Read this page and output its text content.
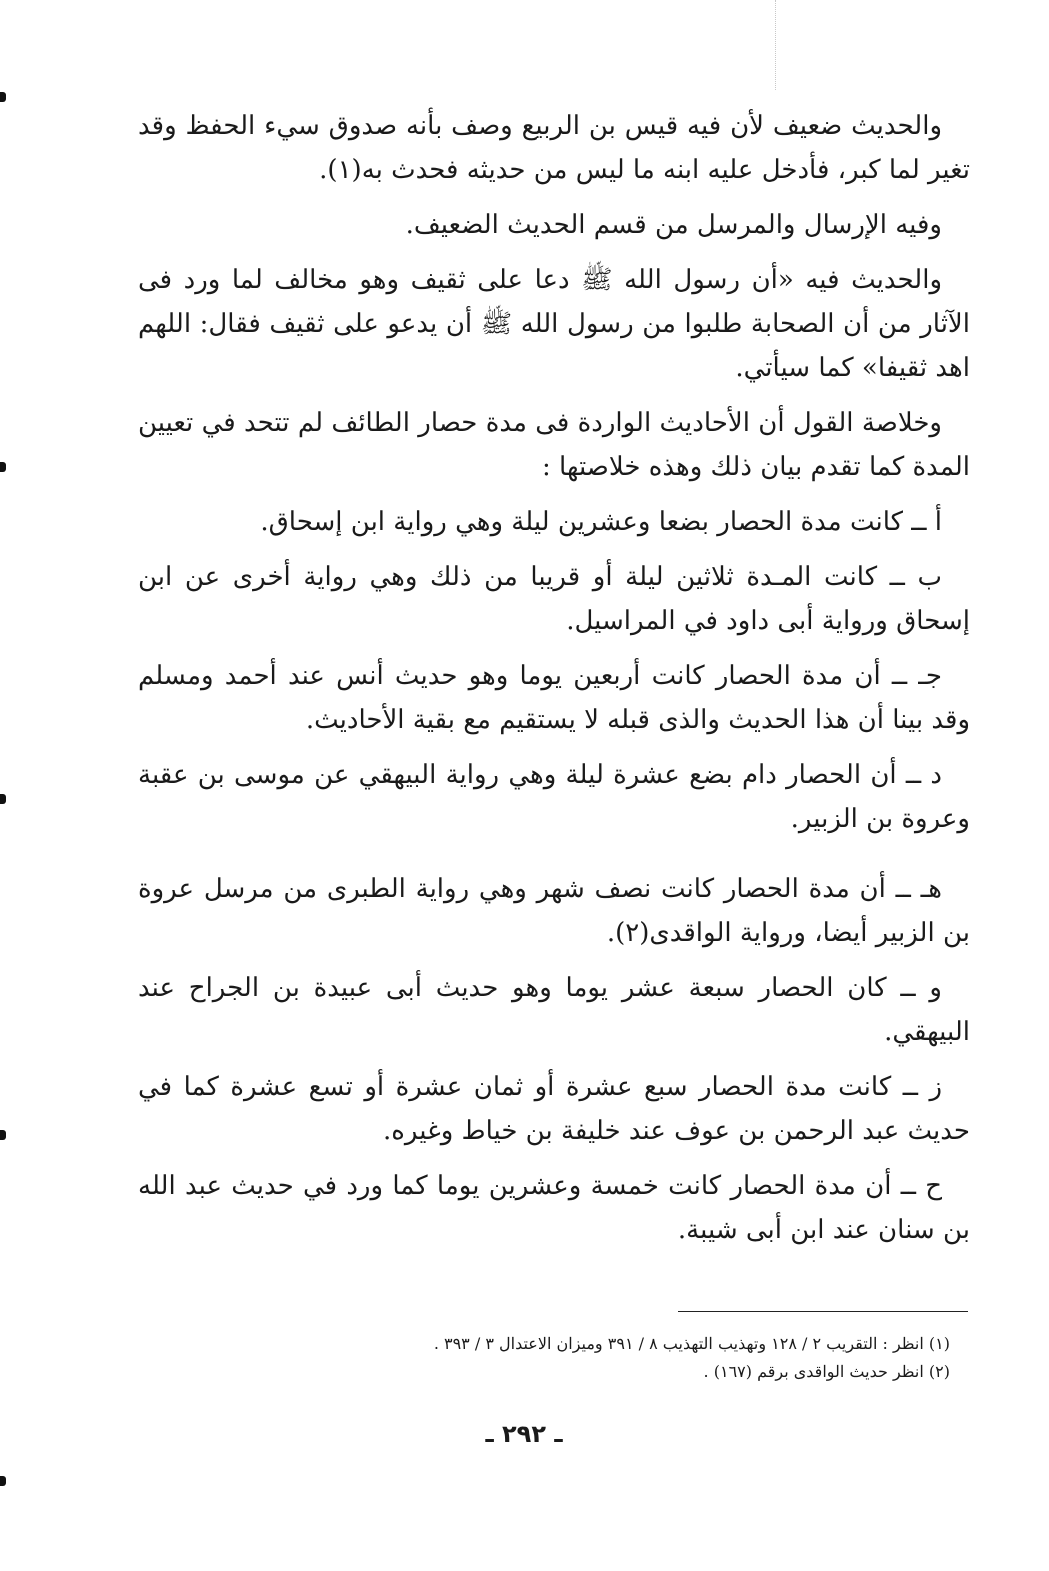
والحديث ضعيف لأن فيه قيس بن الربيع وصف بأنه صدوق سيء الحفظ وقد تغير لما كبر، فأدخل عليه ابنه ما ليس من حديثه فحدث به(١).

وفيه الإرسال والمرسل من قسم الحديث الضعيف.

والحديث فيه «أن رسول الله ﷺ دعا على ثقيف وهو مخالف لما ورد فى الآثار من أن الصحابة طلبوا من رسول الله ﷺ أن يدعو على ثقيف فقال: اللهم اهد ثقيفا» كما سيأتي.

وخلاصة القول أن الأحاديث الواردة فى مدة حصار الطائف لم تتحد في تعيين المدة كما تقدم بيان ذلك وهذه خلاصتها :

أ ــ كانت مدة الحصار بضعا وعشرين ليلة وهي رواية ابن إسحاق.

ب ــ كانت المـدة ثلاثين ليلة أو قريبا من ذلك وهي رواية أخرى عن ابن إسحاق ورواية أبى داود في المراسيل.

جـ ــ أن مدة الحصار كانت أربعين يوما وهو حديث أنس عند أحمد ومسلم وقد بينا أن هذا الحديث والذى قبله لا يستقيم مع بقية الأحاديث.

د ــ أن الحصار دام بضع عشرة ليلة وهي رواية البيهقي عن موسى بن عقبة وعروة بن الزبير.

هـ ــ أن مدة الحصار كانت نصف شهر وهي رواية الطبرى من مرسل عروة بن الزبير أيضا، ورواية الواقدى(٢).

و ــ كان الحصار سبعة عشر يوما وهو حديث أبى عبيدة بن الجراح عند البيهقي.

ز ــ كانت مدة الحصار سبع عشرة أو ثمان عشرة أو تسع عشرة كما في حديث عبد الرحمن بن عوف عند خليفة بن خياط وغيره.

ح ــ أن مدة الحصار كانت خمسة وعشرين يوما كما ورد في حديث عبد الله بن سنان عند ابن أبى شيبة.

(١) انظر : التقريب ٢ / ١٢٨ وتهذيب التهذيب ٨ / ٣٩١ وميزان الاعتدال ٣ / ٣٩٣ .

(٢) انظر حديث الواقدى برقم (١٦٧) .

ـ ٢٩٢ ـ
